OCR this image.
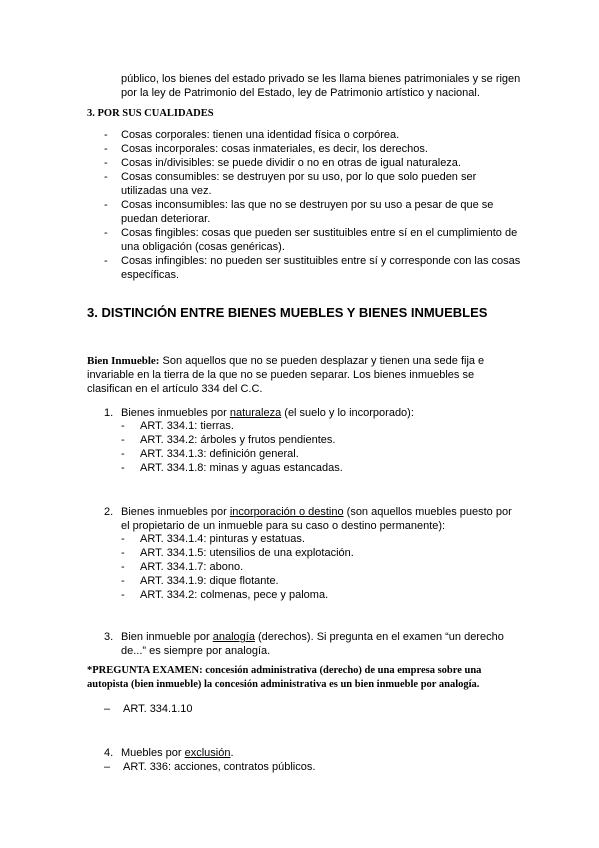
público, los bienes del estado privado se les llama bienes patrimoniales y se rigen por la ley de Patrimonio del Estado, ley de Patrimonio artístico y nacional.
3. POR SUS CUALIDADES
- Cosas corporales: tienen una identidad física o corpórea.
- Cosas incorporales: cosas inmateriales, es decir, los derechos.
- Cosas in/divisibles: se puede dividir o no en otras de igual naturaleza.
- Cosas consumibles: se destruyen por su uso, por lo que solo pueden ser utilizadas una vez.
- Cosas inconsumibles: las que no se destruyen por su uso a pesar de que se puedan deteriorar.
- Cosas fingibles: cosas que pueden ser sustituibles entre sí en el cumplimiento de una obligación (cosas genéricas).
- Cosas infingibles: no pueden ser sustituibles entre sí y corresponde con las cosas específicas.
3. DISTINCIÓN ENTRE BIENES MUEBLES Y BIENES INMUEBLES
Bien Inmueble: Son aquellos que no se pueden desplazar y tienen una sede fija e invariable en la tierra de la que no se pueden separar. Los bienes inmuebles se clasifican en el artículo 334 del C.C.
1. Bienes inmuebles por naturaleza (el suelo y lo incorporado):
- ART. 334.1: tierras.
- ART. 334.2: árboles y frutos pendientes.
- ART. 334.1.3: definición general.
- ART. 334.1.8: minas y aguas estancadas.
2. Bienes inmuebles por incorporación o destino (son aquellos muebles puesto por el propietario de un inmueble para su caso o destino permanente):
- ART. 334.1.4: pinturas y estatuas.
- ART. 334.1.5: utensilios de una explotación.
- ART. 334.1.7: abono.
- ART. 334.1.9: dique flotante.
- ART. 334.2: colmenas, pece y paloma.
3. Bien inmueble por analogía (derechos). Si pregunta en el examen “un derecho de...” es siempre por analogía.
*PREGUNTA EXAMEN: concesión administrativa (derecho) de una empresa sobre una autopista (bien inmueble) la concesión administrativa es un bien inmueble por analogía.
–	ART. 334.1.10
4. Muebles por exclusión.
–	ART. 336: acciones, contratos públicos.
